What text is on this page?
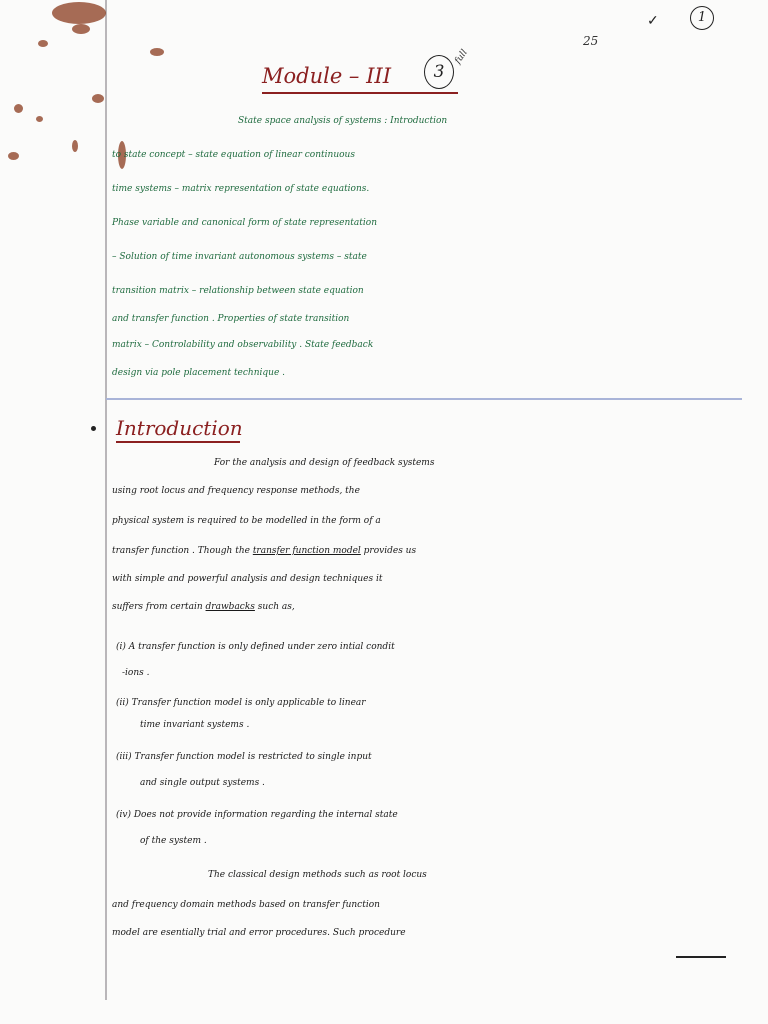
25
✓	1
Module – III	3
full
State space analysis of systems : Introduction
to state concept – state equation of linear continuous
time systems – matrix representation of state equations.
Phase variable and canonical form of state representation
– Solution of time invariant autonomous systems – state
transition matrix – relationship between state equation
and transfer function . Properties of state transition
matrix – Controlability and observability . State feedback
design via pole placement technique .
Introduction
For the analysis and design of feedback systems
using root locus and frequency response methods, the
physical system is required to be modelled in the form of a
transfer function . Though the transfer function model provides us
with simple and powerful analysis and design techniques it
suffers from certain drawbacks such as,
(i) A transfer function is only defined under zero intial condit
-ions .
(ii) Transfer function model is only applicable to linear
time invariant systems .
(iii) Transfer function model is restricted to single input
and single output systems .
(iv) Does not provide information regarding the internal state
of the system .
The classical design methods such as root locus
and frequency domain methods based on transfer function
model are esentially trial and error procedures. Such procedure
